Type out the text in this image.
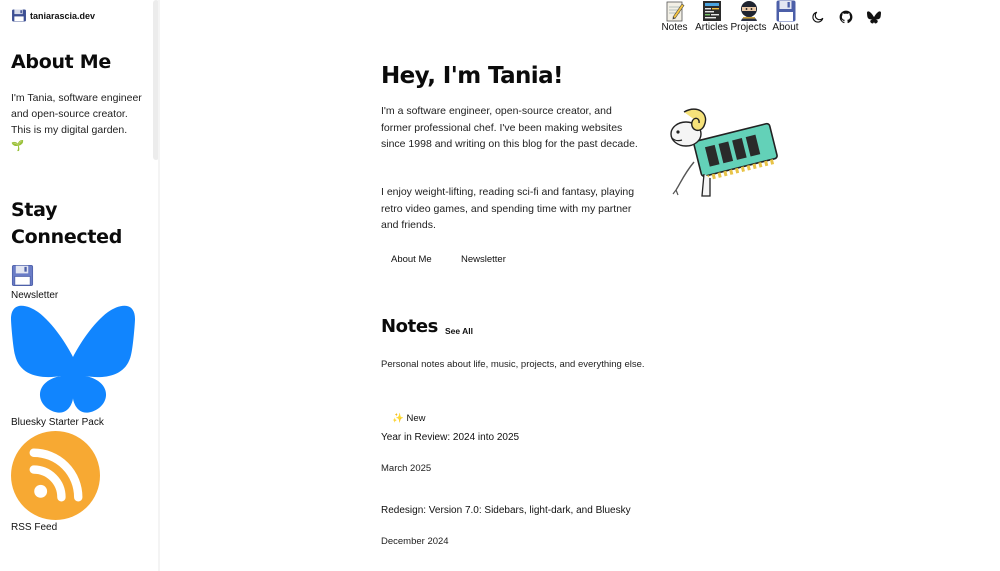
taniarascia.dev
About Me

I'm Tania, software engineer and open-source creator. This is my digital garden. 🌱

Stay
Connected
Newsletter
Bluesky Starter Pack
RSS Feed
Notes Articles Projects About
Hey, I'm Tania!

I'm a software engineer, open-source creator, and former professional chef. I've been making websites since 1998 and writing on this blog for the past decade.

I enjoy weight-lifting, reading sci-fi and fantasy, playing retro video games, and spending time with my partner and friends.

About Me	Newsletter
Notes See All

Personal notes about life, music, projects, and everything else.

✨ New
Year in Review: 2024 into 2025
March 2025
Redesign: Version 7.0: Sidebars, light-dark, and Bluesky
December 2024
